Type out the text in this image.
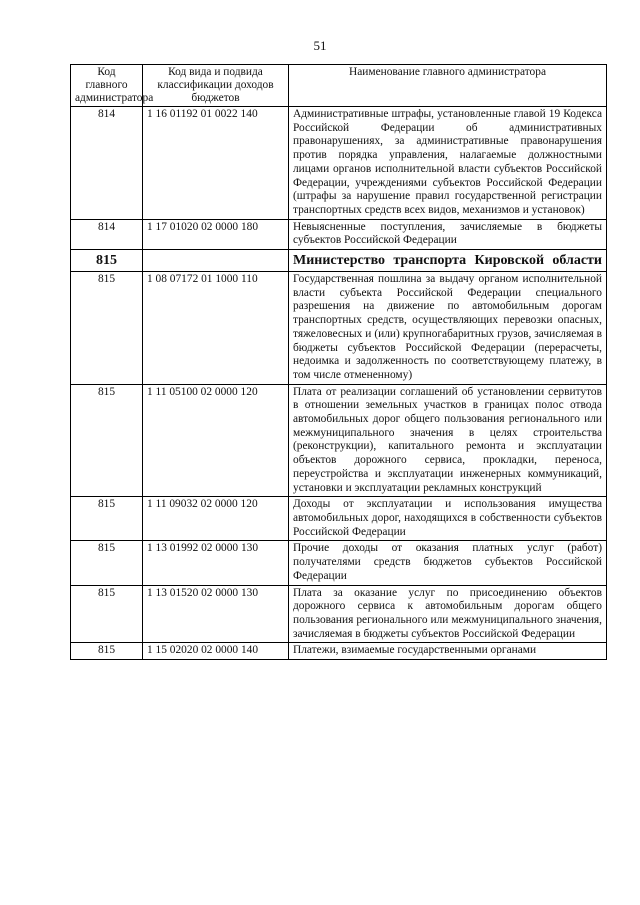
51
Код главного администратора	Код вида и подвида классификации доходов бюджетов	Наименование главного администратора
814	1 16 01192 01 0022 140	Административные штрафы, установленные главой 19 Кодекса Российской Федерации об административных правонарушениях, за административные правонарушения против порядка управления, налагаемые должностными лицами органов исполнительной власти субъектов Российской Федерации, учреждениями субъектов Российской Федерации (штрафы за нарушение правил государственной регистрации транспортных средств всех видов, механизмов и установок)
814	1 17 01020 02 0000 180	Невыясненные поступления, зачисляемые в бюджеты субъектов Российской Федерации
815		Министерство транспорта Кировской области
815	1 08 07172 01 1000 110	Государственная пошлина за выдачу органом исполнительной власти субъекта Российской Федерации специального разрешения на движение по автомобильным дорогам транспортных средств, осуществляющих перевозки опасных, тяжеловесных и (или) крупногабаритных грузов, зачисляемая в бюджеты субъектов Российской Федерации (перерасчеты, недоимка и задолженность по соответствующему платежу, в том числе отмененному)
815	1 11 05100 02 0000 120	Плата от реализации соглашений об установлении сервитутов в отношении земельных участков в границах полос отвода автомобильных дорог общего пользования регионального или межмуниципального значения в целях строительства (реконструкции), капитального ремонта и эксплуатации объектов дорожного сервиса, прокладки, переноса, переустройства и эксплуатации инженерных коммуникаций, установки и эксплуатации рекламных конструкций
815	1 11 09032 02 0000 120	Доходы от эксплуатации и использования имущества автомобильных дорог, находящихся в собственности субъектов Российской Федерации
815	1 13 01992 02 0000 130	Прочие доходы от оказания платных услуг (работ) получателями средств бюджетов субъектов Российской Федерации
815	1 13 01520 02 0000 130	Плата за оказание услуг по присоединению объектов дорожного сервиса к автомобильным дорогам общего пользования регионального или межмуниципального значения, зачисляемая в бюджеты субъектов Российской Федерации
815	1 15 02020 02 0000 140	Платежи, взимаемые государственными органами
